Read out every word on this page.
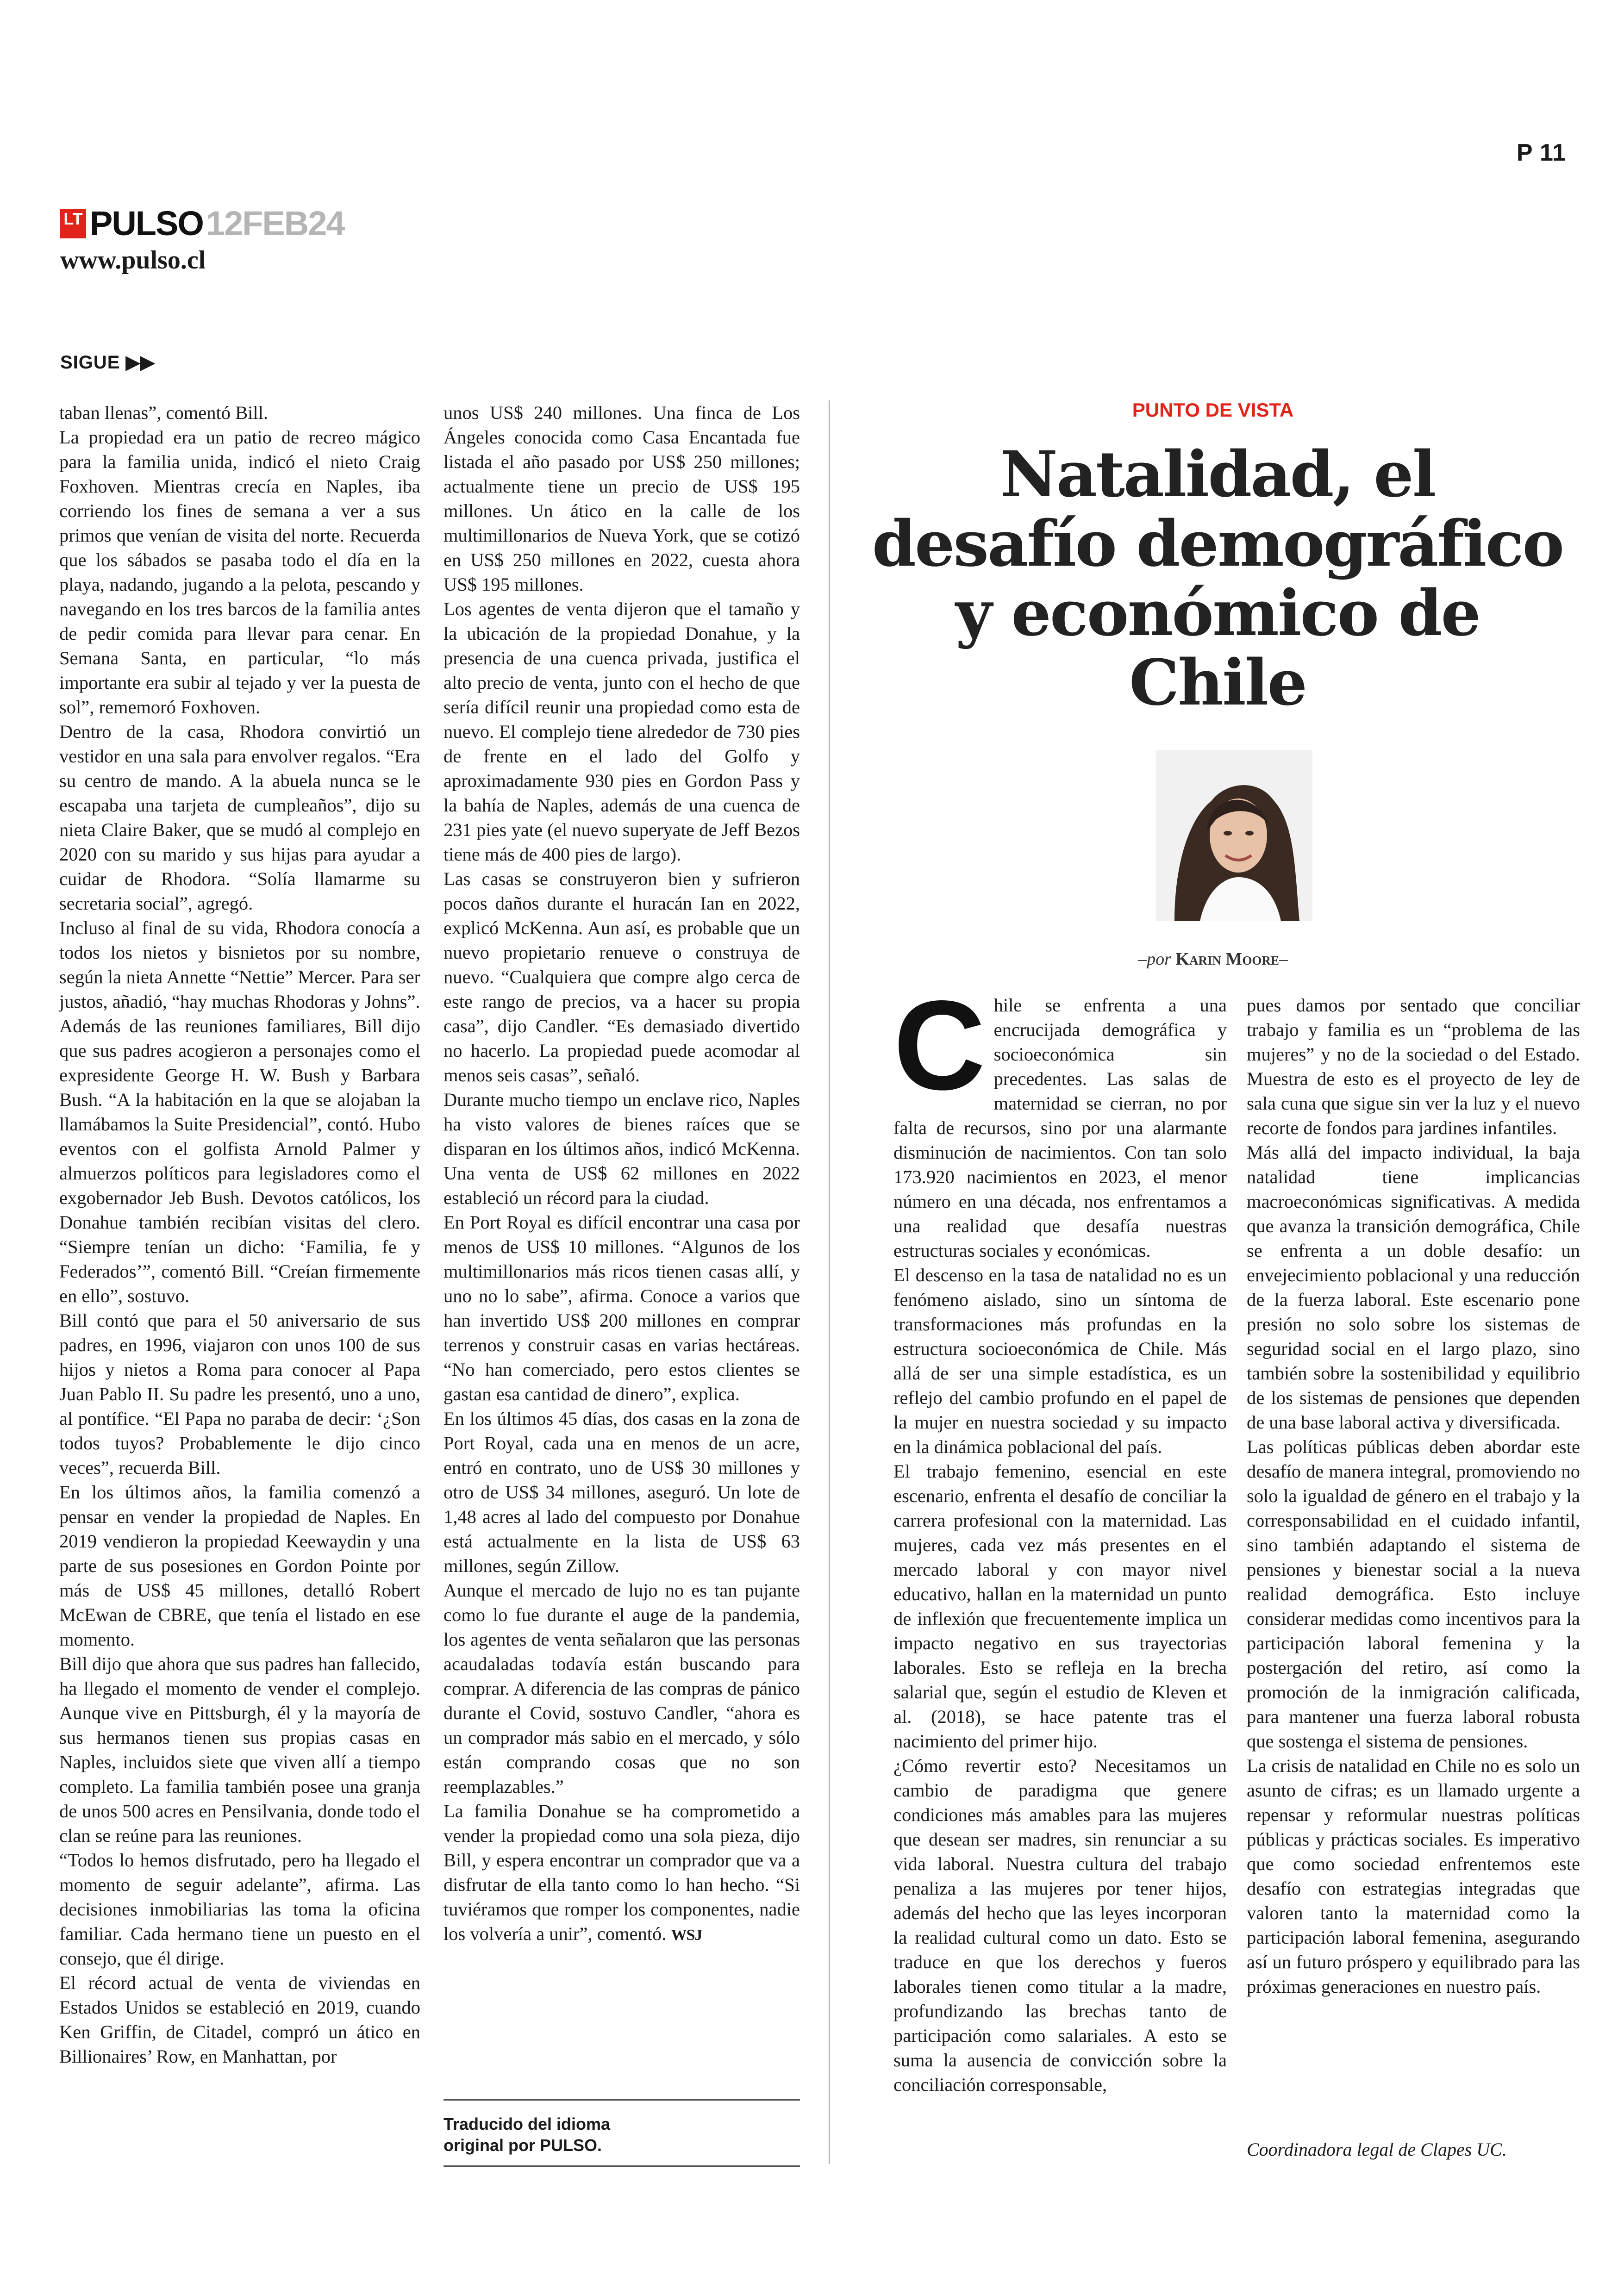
P 11
LT PULSO 12FEB24
www.pulso.cl
SIGUE ▶▶

taban llenas”, comentó Bill.

La propiedad era un patio de recreo mágico para la familia unida, indicó el nieto Craig Foxhoven. Mientras crecía en Naples, iba corriendo los fines de semana a ver a sus primos que venían de visita del norte. Recuerda que los sábados se pasaba todo el día en la playa, nadando, jugando a la pelota, pescando y navegando en los tres barcos de la familia antes de pedir comida para llevar para cenar. En Semana Santa, en particular, “lo más importante era subir al tejado y ver la puesta de sol”, rememoró Foxhoven.

Dentro de la casa, Rhodora convirtió un vestidor en una sala para envolver regalos. “Era su centro de mando. A la abuela nunca se le escapaba una tarjeta de cumpleaños”, dijo su nieta Claire Baker, que se mudó al complejo en 2020 con su marido y sus hijas para ayudar a cuidar de Rhodora. “Solía llamarme su secretaria social”, agregó.

Incluso al final de su vida, Rhodora conocía a todos los nietos y bisnietos por su nombre, según la nieta Annette “Nettie” Mercer. Para ser justos, añadió, “hay muchas Rhodoras y Johns”.

Además de las reuniones familiares, Bill dijo que sus padres acogieron a personajes como el expresidente George H. W. Bush y Barbara Bush. “A la habitación en la que se alojaban la llamábamos la Suite Presidencial”, contó. Hubo eventos con el golfista Arnold Palmer y almuerzos políticos para legisladores como el exgobernador Jeb Bush. Devotos católicos, los Donahue también recibían visitas del clero. “Siempre tenían un dicho: ‘Familia, fe y Federados’”, comentó Bill. “Creían firmemente en ello”, sostuvo.

Bill contó que para el 50 aniversario de sus padres, en 1996, viajaron con unos 100 de sus hijos y nietos a Roma para conocer al Papa Juan Pablo II. Su padre les presentó, uno a uno, al pontífice. “El Papa no paraba de decir: ‘¿Son todos tuyos? Probablemente le dijo cinco veces”, recuerda Bill.

En los últimos años, la familia comenzó a pensar en vender la propiedad de Naples. En 2019 vendieron la propiedad Keewaydin y una parte de sus posesiones en Gordon Pointe por más de US$ 45 millones, detalló Robert McEwan de CBRE, que tenía el listado en ese momento.

Bill dijo que ahora que sus padres han fallecido, ha llegado el momento de vender el complejo. Aunque vive en Pittsburgh, él y la mayoría de sus hermanos tienen sus propias casas en Naples, incluidos siete que viven allí a tiempo completo. La familia también posee una granja de unos 500 acres en Pensilvania, donde todo el clan se reúne para las reuniones.

“Todos lo hemos disfrutado, pero ha llegado el momento de seguir adelante”, afirma. Las decisiones inmobiliarias las toma la oficina familiar. Cada hermano tiene un puesto en el consejo, que él dirige.

El récord actual de venta de viviendas en Estados Unidos se estableció en 2019, cuando Ken Griffin, de Citadel, compró un ático en Billionaires’ Row, en Manhattan, por

unos US$ 240 millones. Una finca de Los Ángeles conocida como Casa Encantada fue listada el año pasado por US$ 250 millones; actualmente tiene un precio de US$ 195 millones. Un ático en la calle de los multimillonarios de Nueva York, que se cotizó en US$ 250 millones en 2022, cuesta ahora US$ 195 millones.

Los agentes de venta dijeron que el tamaño y la ubicación de la propiedad Donahue, y la presencia de una cuenca privada, justifica el alto precio de venta, junto con el hecho de que sería difícil reunir una propiedad como esta de nuevo. El complejo tiene alrededor de 730 pies de frente en el lado del Golfo y aproximadamente 930 pies en Gordon Pass y la bahía de Naples, además de una cuenca de 231 pies yate (el nuevo superyate de Jeff Bezos tiene más de 400 pies de largo).

Las casas se construyeron bien y sufrieron pocos daños durante el huracán Ian en 2022, explicó McKenna. Aun así, es probable que un nuevo propietario renueve o construya de nuevo. “Cualquiera que compre algo cerca de este rango de precios, va a hacer su propia casa”, dijo Candler. “Es demasiado divertido no hacerlo. La propiedad puede acomodar al menos seis casas”, señaló.

Durante mucho tiempo un enclave rico, Naples ha visto valores de bienes raíces que se disparan en los últimos años, indicó McKenna. Una venta de US$ 62 millones en 2022 estableció un récord para la ciudad.

En Port Royal es difícil encontrar una casa por menos de US$ 10 millones. “Algunos de los multimillonarios más ricos tienen casas allí, y uno no lo sabe”, afirma. Conoce a varios que han invertido US$ 200 millones en comprar terrenos y construir casas en varias hectáreas. “No han comerciado, pero estos clientes se gastan esa cantidad de dinero”, explica.

En los últimos 45 días, dos casas en la zona de Port Royal, cada una en menos de un acre, entró en contrato, uno de US$ 30 millones y otro de US$ 34 millones, aseguró. Un lote de 1,48 acres al lado del compuesto por Donahue está actualmente en la lista de US$ 63 millones, según Zillow.

Aunque el mercado de lujo no es tan pujante como lo fue durante el auge de la pandemia, los agentes de venta señalaron que las personas acaudaladas todavía están buscando para comprar. A diferencia de las compras de pánico durante el Covid, sostuvo Candler, “ahora es un comprador más sabio en el mercado, y sólo están comprando cosas que no son reemplazables.”

La familia Donahue se ha comprometido a vender la propiedad como una sola pieza, dijo Bill, y espera encontrar un comprador que va a disfrutar de ella tanto como lo han hecho. “Si tuviéramos que romper los componentes, nadie los volvería a unir”, comentó. WSJ

Traducido del idioma
original por PULSO.
PUNTO DE VISTA
Natalidad, el desafío demográfico y económico de Chile
–por Karin Moore–

Chile se enfrenta a una encrucijada demográfica y socioeconómica sin precedentes. Las salas de maternidad se cierran, no por falta de recursos, sino por una alarmante disminución de nacimientos. Con tan solo 173.920 nacimientos en 2023, el menor número en una década, nos enfrentamos a una realidad que desafía nuestras estructuras sociales y económicas.

El descenso en la tasa de natalidad no es un fenómeno aislado, sino un síntoma de transformaciones más profundas en la estructura socioeconómica de Chile. Más allá de ser una simple estadística, es un reflejo del cambio profundo en el papel de la mujer en nuestra sociedad y su impacto en la dinámica poblacional del país.

El trabajo femenino, esencial en este escenario, enfrenta el desafío de conciliar la carrera profesional con la maternidad. Las mujeres, cada vez más presentes en el mercado laboral y con mayor nivel educativo, hallan en la maternidad un punto de inflexión que frecuentemente implica un impacto negativo en sus trayectorias laborales. Esto se refleja en la brecha salarial que, según el estudio de Kleven et al. (2018), se hace patente tras el nacimiento del primer hijo.

¿Cómo revertir esto? Necesitamos un cambio de paradigma que genere condiciones más amables para las mujeres que desean ser madres, sin renunciar a su vida laboral. Nuestra cultura del trabajo penaliza a las mujeres por tener hijos, además del hecho que las leyes incorporan la realidad cultural como un dato. Esto se traduce en que los derechos y fueros laborales tienen como titular a la madre, profundizando las brechas tanto de participación como salariales. A esto se suma la ausencia de convicción sobre la conciliación corresponsable,

pues damos por sentado que conciliar trabajo y familia es un “problema de las mujeres” y no de la sociedad o del Estado. Muestra de esto es el proyecto de ley de sala cuna que sigue sin ver la luz y el nuevo recorte de fondos para jardines infantiles.

Más allá del impacto individual, la baja natalidad tiene implicancias macroeconómicas significativas. A medida que avanza la transición demográfica, Chile se enfrenta a un doble desafío: un envejecimiento poblacional y una reducción de la fuerza laboral. Este escenario pone presión no solo sobre los sistemas de seguridad social en el largo plazo, sino también sobre la sostenibilidad y equilibrio de los sistemas de pensiones que dependen de una base laboral activa y diversificada.

Las políticas públicas deben abordar este desafío de manera integral, promoviendo no solo la igualdad de género en el trabajo y la corresponsabilidad en el cuidado infantil, sino también adaptando el sistema de pensiones y bienestar social a la nueva realidad demográfica. Esto incluye considerar medidas como incentivos para la participación laboral femenina y la postergación del retiro, así como la promoción de la inmigración calificada, para mantener una fuerza laboral robusta que sostenga el sistema de pensiones.

La crisis de natalidad en Chile no es solo un asunto de cifras; es un llamado urgente a repensar y reformular nuestras políticas públicas y prácticas sociales. Es imperativo que como sociedad enfrentemos este desafío con estrategias integradas que valoren tanto la maternidad como la participación laboral femenina, asegurando así un futuro próspero y equilibrado para las próximas generaciones en nuestro país.

Coordinadora legal de Clapes UC.
